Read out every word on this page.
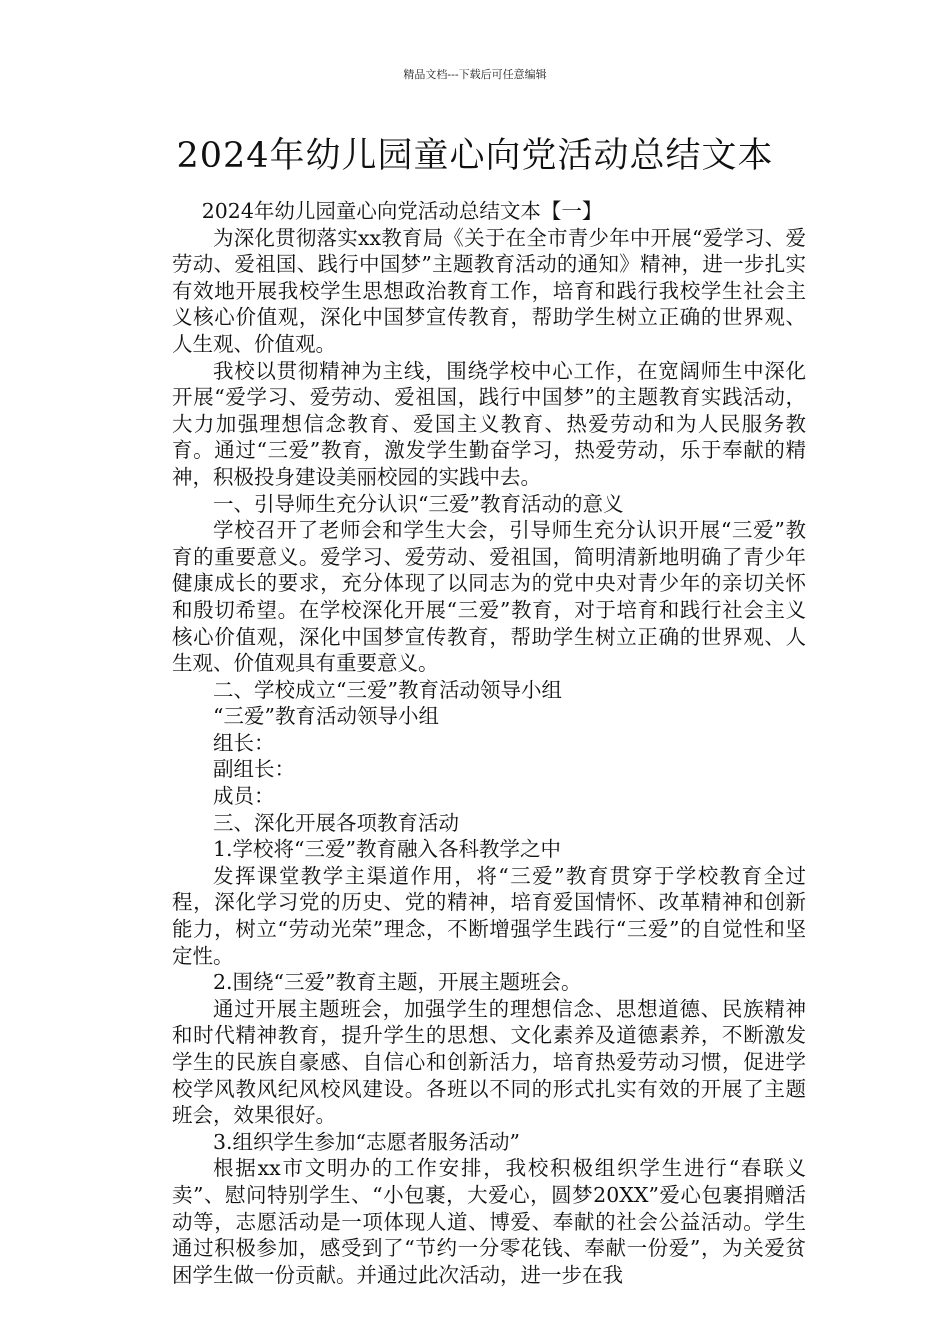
精品文档---下载后可任意编辑
2024年幼儿园童心向党活动总结文本

2024年幼儿园童心向党活动总结文本【一】

为深化贯彻落实xx教育局《关于在全市青少年中开展“爱学习、爱劳动、爱祖国、践行中国梦”主题教育活动的通知》精神，进一步扎实有效地开展我校学生思想政治教育工作，培育和践行我校学生社会主义核心价值观，深化中国梦宣传教育，帮助学生树立正确的世界观、人生观、价值观。

我校以贯彻精神为主线，围绕学校中心工作，在宽阔师生中深化开展“爱学习、爱劳动、爱祖国，践行中国梦”的主题教育实践活动，大力加强理想信念教育、爱国主义教育、热爱劳动和为人民服务教育。通过“三爱”教育，激发学生勤奋学习，热爱劳动，乐于奉献的精神，积极投身建设美丽校园的实践中去。

一、引导师生充分认识“三爱”教育活动的意义

学校召开了老师会和学生大会，引导师生充分认识开展“三爱”教育的重要意义。爱学习、爱劳动、爱祖国，简明清新地明确了青少年健康成长的要求，充分体现了以同志为的党中央对青少年的亲切关怀和殷切希望。在学校深化开展“三爱”教育，对于培育和践行社会主义核心价值观，深化中国梦宣传教育，帮助学生树立正确的世界观、人生观、价值观具有重要意义。

二、学校成立“三爱”教育活动领导小组

“三爱”教育活动领导小组

组长：

副组长：

成员：

三、深化开展各项教育活动

1.学校将“三爱”教育融入各科教学之中

发挥课堂教学主渠道作用，将“三爱”教育贯穿于学校教育全过程，深化学习党的历史、党的精神，培育爱国情怀、改革精神和创新能力，树立“劳动光荣”理念，不断增强学生践行“三爱”的自觉性和坚定性。

2.围绕“三爱”教育主题，开展主题班会。

通过开展主题班会，加强学生的理想信念、思想道德、民族精神和时代精神教育，提升学生的思想、文化素养及道德素养，不断激发学生的民族自豪感、自信心和创新活力，培育热爱劳动习惯，促进学校学风教风纪风校风建设。各班以不同的形式扎实有效的开展了主题班会，效果很好。

3.组织学生参加“志愿者服务活动”

根据xx市文明办的工作安排，我校积极组织学生进行“春联义卖”、慰问特别学生、“小包裹，大爱心，圆梦20XX”爱心包裹捐赠活动等，志愿活动是一项体现人道、博爱、奉献的社会公益活动。学生通过积极参加，感受到了“节约一分零花钱、奉献一份爱”，为关爱贫困学生做一份贡献。并通过此次活动，进一步在我
